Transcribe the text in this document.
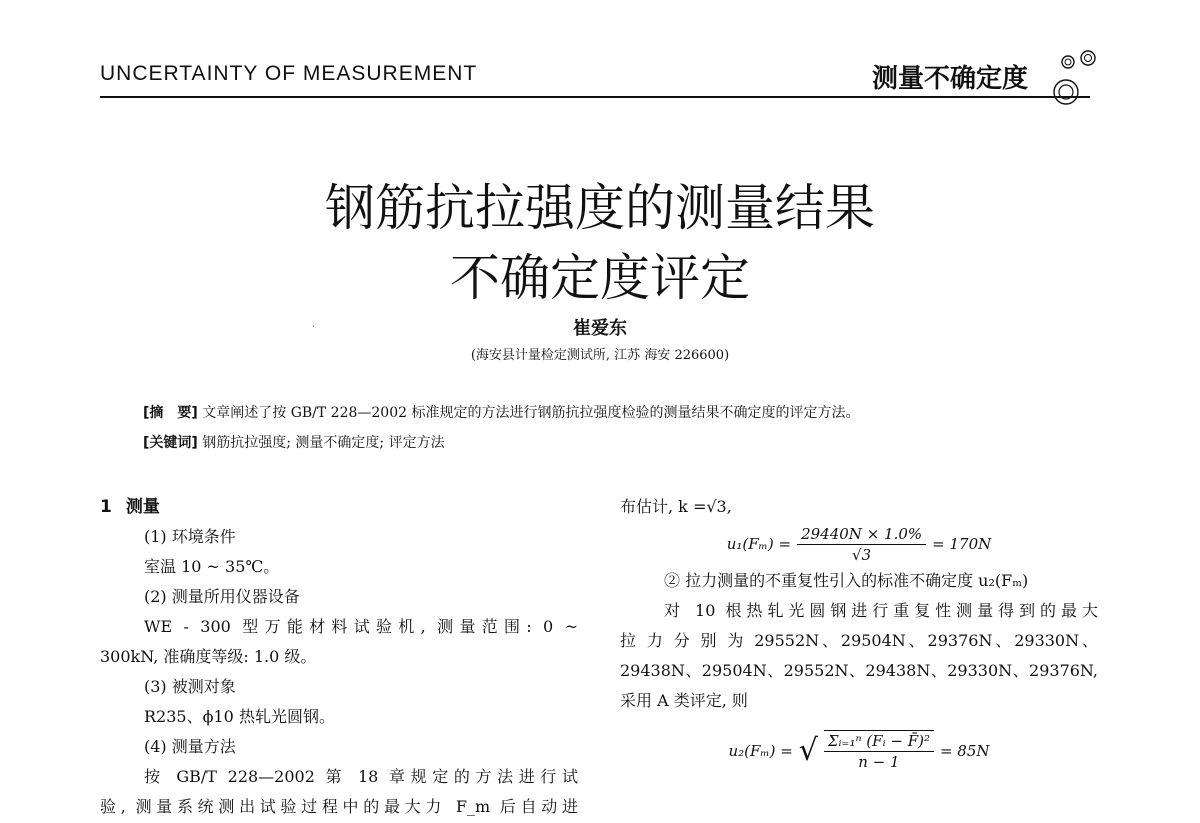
UNCERTAINTY OF MEASUREMENT	测量不确定度
钢筋抗拉强度的测量结果
不确定度评定
崔爱东
·
(海安县计量检定测试所, 江苏 海安 226600)
[摘　要] 文章阐述了按 GB/T 228—2002 标准规定的方法进行钢筋抗拉强度检验的测量结果不确定度的评定方法。
[关键词] 钢筋抗拉强度; 测量不确定度; 评定方法
1 测量
(1) 环境条件
室温 10 ~ 35℃。
(2) 测量所用仪器设备
WE - 300 型万能材料试验机, 测量范围: 0 ~
300kN, 准确度等级: 1.0 级。
(3) 被测对象
R235、ϕ10 热轧光圆钢。
(4) 测量方法
按 GB/T 228—2002 第 18 章规定的方法进行试
验, 测量系统测出试验过程中的最大力 F_m 后自动进
布估计, k =√3,
$u_1(F_m) = \frac{29440N \times 1.0\%}{√3} = 170N$
② 拉力测量的不重复性引入的标准不确定度 u₂(Fₘ)
对 10 根热轧光圆钢进行重复性测量得到的最大
拉 力 分 别 为 29552N、29504N、29376N、29330N、
29438N、29504N、29552N、29438N、29330N、29376N,
采用 A 类评定, 则
u₂(Fₘ) = √ $\frac{\text{Σᵢ₌₁ⁿ (Fᵢ − F̄)²}}{n - 1} = 85N$
0 ~
